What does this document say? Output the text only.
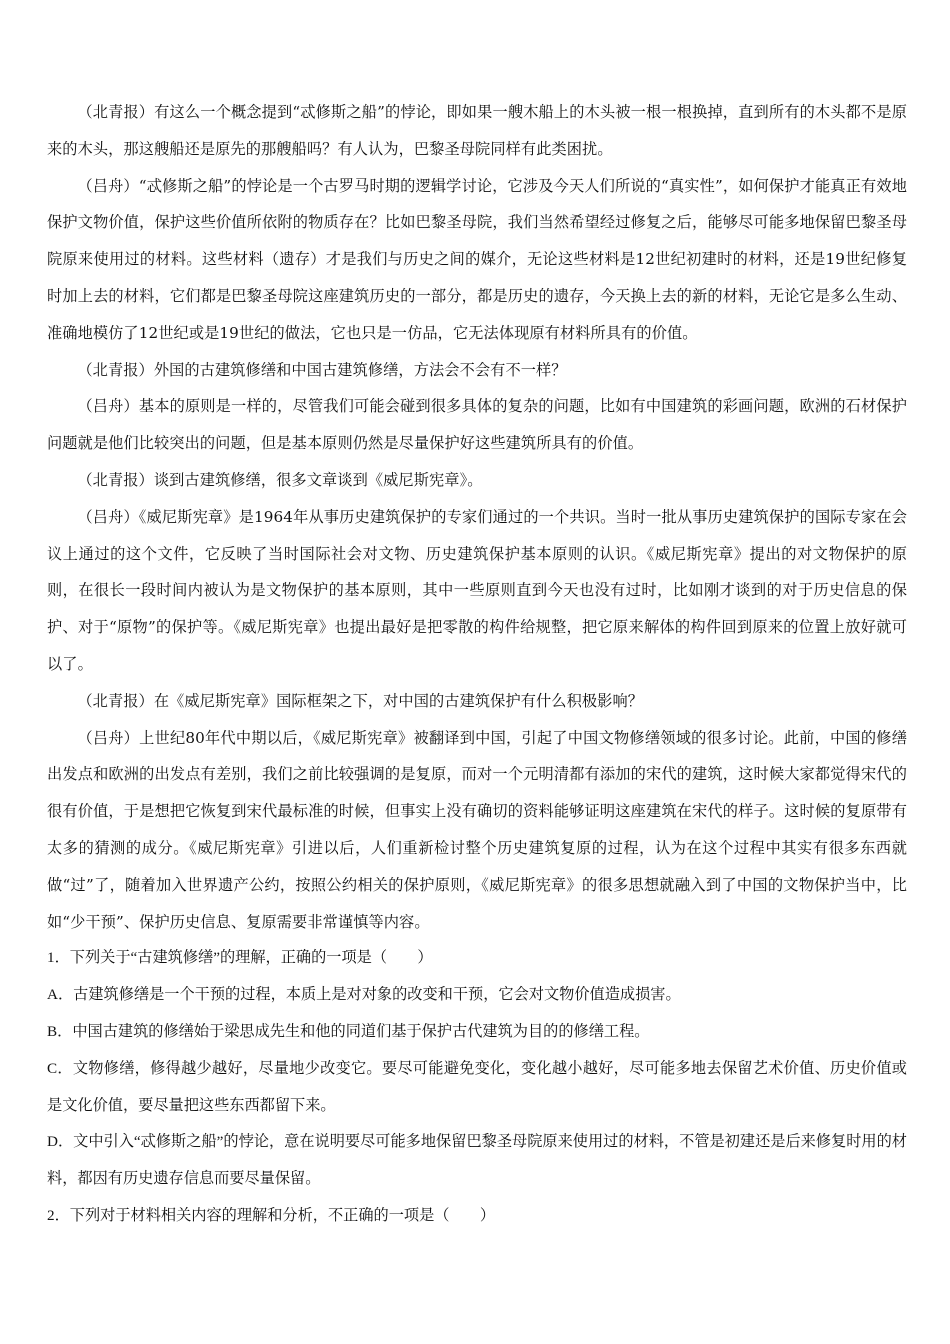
（北青报）有这么一个概念提到“忒修斯之船”的悖论，即如果一艘木船上的木头被一根一根换掉，直到所有的木头都不是原来的木头，那这艘船还是原先的那艘船吗？有人认为，巴黎圣母院同样有此类困扰。

（吕舟）“忒修斯之船”的悖论是一个古罗马时期的逻辑学讨论，它涉及今天人们所说的“真实性”，如何保护才能真正有效地保护文物价值，保护这些价值所依附的物质存在？比如巴黎圣母院，我们当然希望经过修复之后，能够尽可能多地保留巴黎圣母院原来使用过的材料。这些材料（遗存）才是我们与历史之间的媒介，无论这些材料是12世纪初建时的材料，还是19世纪修复时加上去的材料，它们都是巴黎圣母院这座建筑历史的一部分，都是历史的遗存，今天换上去的新的材料，无论它是多么生动、准确地模仿了12世纪或是19世纪的做法，它也只是一仿品，它无法体现原有材料所具有的价值。

（北青报）外国的古建筑修缮和中国古建筑修缮，方法会不会有不一样？

（吕舟）基本的原则是一样的，尽管我们可能会碰到很多具体的复杂的问题，比如有中国建筑的彩画问题，欧洲的石材保护问题就是他们比较突出的问题，但是基本原则仍然是尽量保护好这些建筑所具有的价值。

（北青报）谈到古建筑修缮，很多文章谈到《威尼斯宪章》。

（吕舟）《威尼斯宪章》是1964年从事历史建筑保护的专家们通过的一个共识。当时一批从事历史建筑保护的国际专家在会议上通过的这个文件，它反映了当时国际社会对文物、历史建筑保护基本原则的认识。《威尼斯宪章》提出的对文物保护的原则，在很长一段时间内被认为是文物保护的基本原则，其中一些原则直到今天也没有过时，比如刚才谈到的对于历史信息的保护、对于“原物”的保护等。《威尼斯宪章》也提出最好是把零散的构件给规整，把它原来解体的构件回到原来的位置上放好就可以了。

（北青报）在《威尼斯宪章》国际框架之下，对中国的古建筑保护有什么积极影响？

（吕舟）上世纪80年代中期以后，《威尼斯宪章》被翻译到中国，引起了中国文物修缮领域的很多讨论。此前，中国的修缮出发点和欧洲的出发点有差别，我们之前比较强调的是复原，而对一个元明清都有添加的宋代的建筑，这时候大家都觉得宋代的很有价值，于是想把它恢复到宋代最标准的时候，但事实上没有确切的资料能够证明这座建筑在宋代的样子。这时候的复原带有太多的猜测的成分。《威尼斯宪章》引进以后，人们重新检讨整个历史建筑复原的过程，认为在这个过程中其实有很多东西就做“过”了，随着加入世界遗产公约，按照公约相关的保护原则，《威尼斯宪章》的很多思想就融入到了中国的文物保护当中，比如“少干预”、保护历史信息、复原需要非常谨慎等内容。

1．下列关于“古建筑修缮”的理解，正确的一项是（　　）

A．古建筑修缮是一个干预的过程，本质上是对对象的改变和干预，它会对文物价值造成损害。

B．中国古建筑的修缮始于梁思成先生和他的同道们基于保护古代建筑为目的的修缮工程。

C．文物修缮，修得越少越好，尽量地少改变它。要尽可能避免变化，变化越小越好，尽可能多地去保留艺术价值、历史价值或是文化价值，要尽量把这些东西都留下来。

D．文中引入“忒修斯之船”的悖论，意在说明要尽可能多地保留巴黎圣母院原来使用过的材料，不管是初建还是后来修复时用的材料，都因有历史遗存信息而要尽量保留。

2．下列对于材料相关内容的理解和分析，不正确的一项是（　　）
